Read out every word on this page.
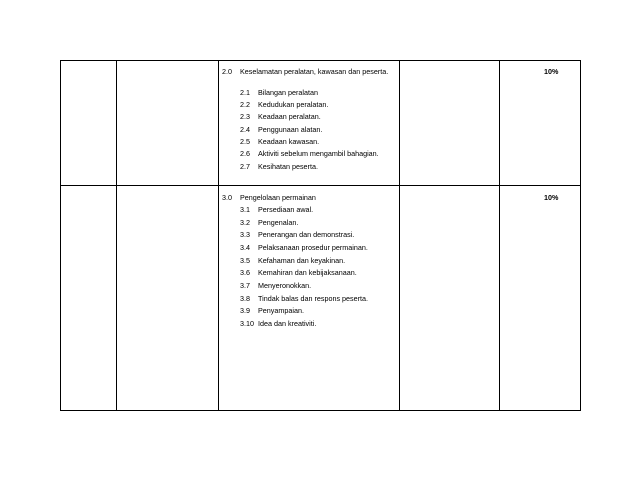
2.0 Keselamatan peralatan, kawasan dan peserta.	10%
2.1 Bilangan peralatan
2.2 Kedudukan peralatan.
2.3 Keadaan peralatan.
2.4 Penggunaan alatan.
2.5 Keadaan kawasan.
2.6 Aktiviti sebelum mengambil bahagian.
2.7 Kesihatan peserta.
3.0 Pengelolaan permainan	10%
3.1 Persediaan awal.
3.2 Pengenalan.
3.3 Penerangan dan demonstrasi.
3.4 Pelaksanaan prosedur permainan.
3.5 Kefahaman dan keyakinan.
3.6 Kemahiran dan kebijaksanaan.
3.7 Menyeronokkan.
3.8 Tindak balas dan respons peserta.
3.9 Penyampaian.
3.10 Idea dan kreativiti.
